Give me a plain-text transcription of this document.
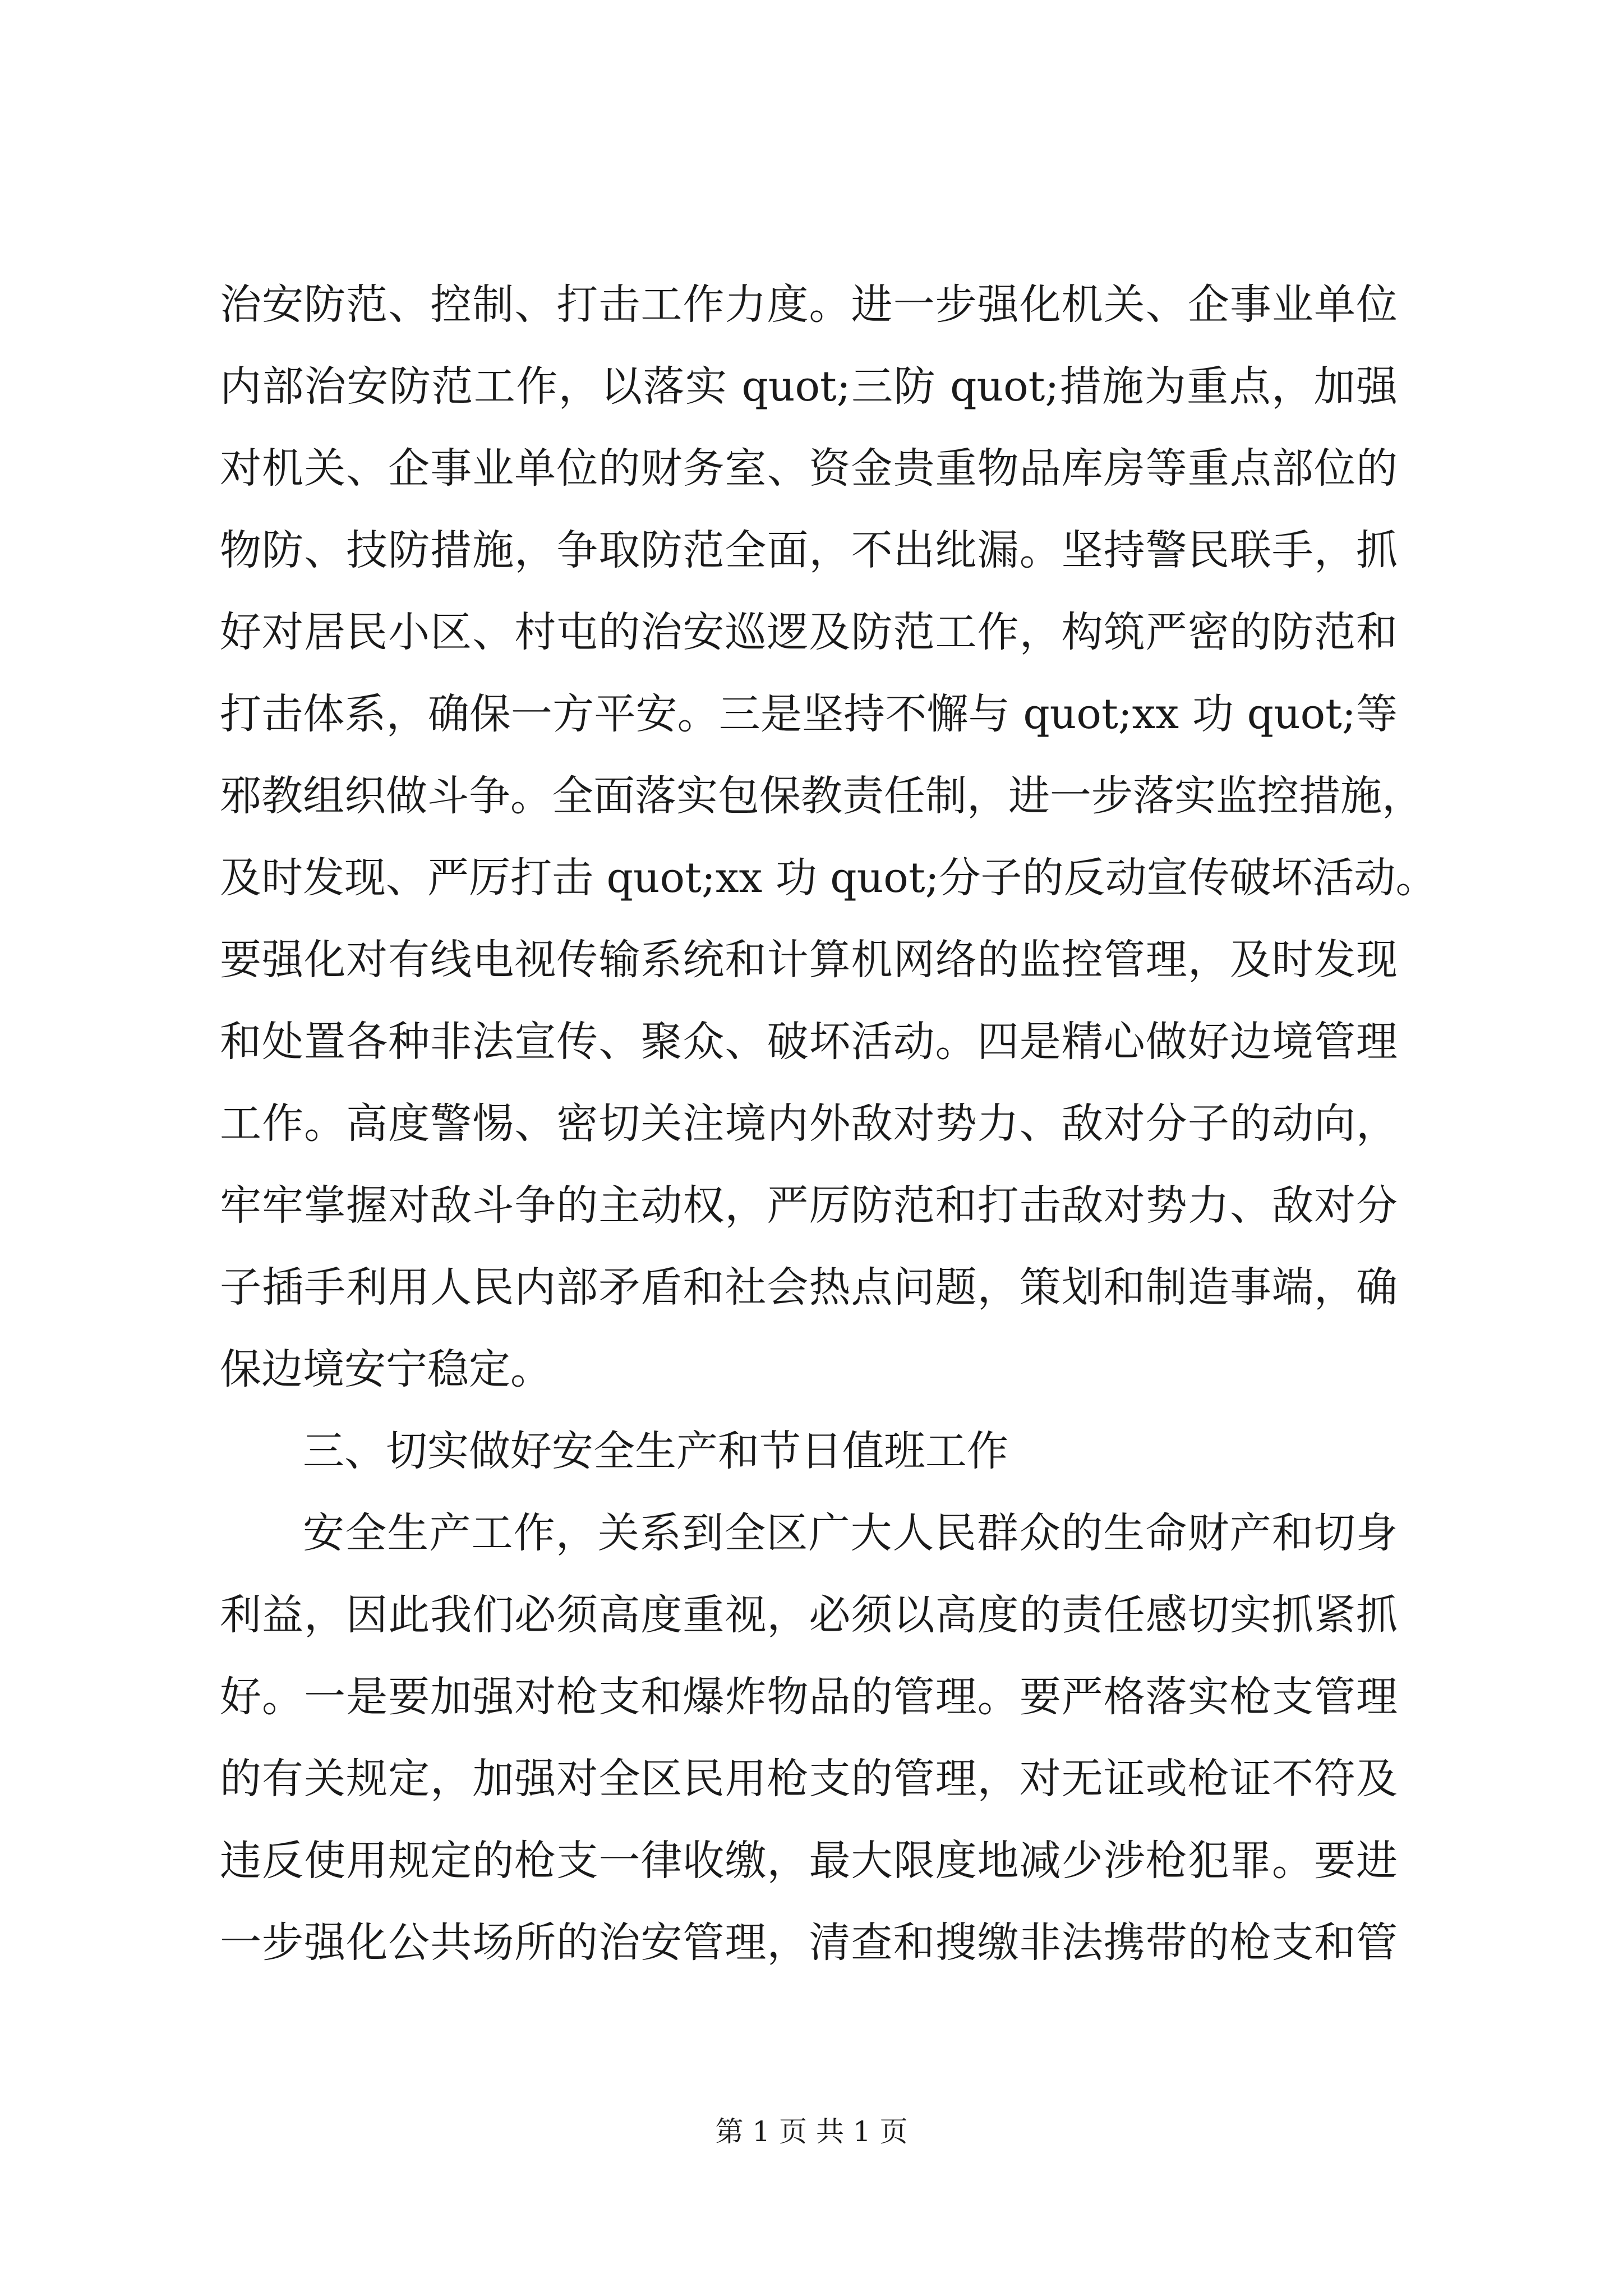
治安防范、控制、打击工作力度。进一步强化机关、企事业单位
内部治安防范工作，以落实 quot;三防 quot;措施为重点，加强
对机关、企事业单位的财务室、资金贵重物品库房等重点部位的
物防、技防措施，争取防范全面，不出纰漏。坚持警民联手，抓
好对居民小区、村屯的治安巡逻及防范工作，构筑严密的防范和
打击体系，确保一方平安。三是坚持不懈与 quot;xx 功 quot;等
邪教组织做斗争。全面落实包保教责任制，进一步落实监控措施，
及时发现、严厉打击 quot;xx 功 quot;分子的反动宣传破坏活动。
要强化对有线电视传输系统和计算机网络的监控管理，及时发现
和处置各种非法宣传、聚众、破坏活动。四是精心做好边境管理
工作。高度警惕、密切关注境内外敌对势力、敌对分子的动向，
牢牢掌握对敌斗争的主动权，严厉防范和打击敌对势力、敌对分
子插手利用人民内部矛盾和社会热点问题，策划和制造事端，确
保边境安宁稳定。
三、切实做好安全生产和节日值班工作
安全生产工作，关系到全区广大人民群众的生命财产和切身
利益，因此我们必须高度重视，必须以高度的责任感切实抓紧抓
好。一是要加强对枪支和爆炸物品的管理。要严格落实枪支管理
的有关规定，加强对全区民用枪支的管理，对无证或枪证不符及
违反使用规定的枪支一律收缴，最大限度地减少涉枪犯罪。要进
一步强化公共场所的治安管理，清查和搜缴非法携带的枪支和管
第 1 页 共 1 页
